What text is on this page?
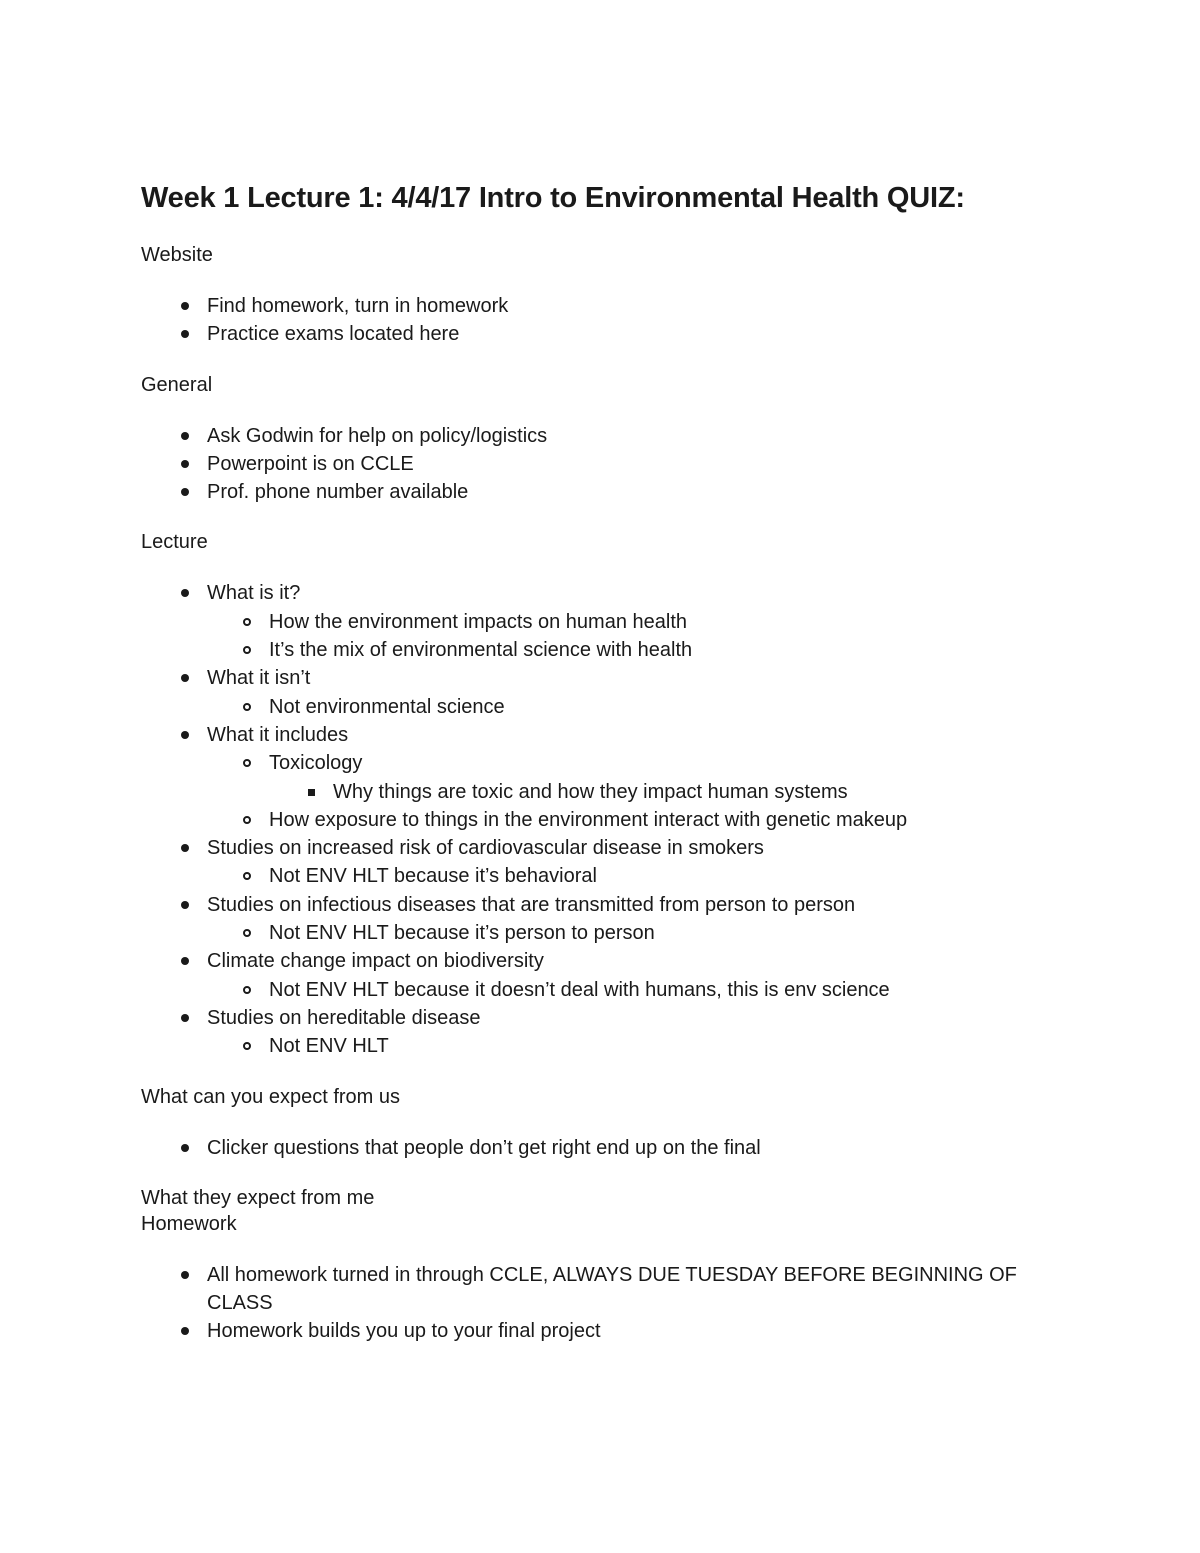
Week 1 Lecture 1: 4/4/17 Intro to Environmental Health QUIZ:
Website
Find homework, turn in homework
Practice exams located here
General
Ask Godwin for help on policy/logistics
Powerpoint is on CCLE
Prof. phone number available
Lecture
What is it?
How the environment impacts on human health
It’s the mix of environmental science with health
What it isn’t
Not environmental science
What it includes
Toxicology
Why things are toxic and how they impact human systems
How exposure to things in the environment interact with genetic makeup
Studies on increased risk of cardiovascular disease in smokers
Not ENV HLT because it’s behavioral
Studies on infectious diseases that are transmitted from person to person
Not ENV HLT because it’s person to person
Climate change impact on biodiversity
Not ENV HLT because it doesn’t deal with humans, this is env science
Studies on hereditable disease
Not ENV HLT
What can you expect from us
Clicker questions that people don’t get right end up on the final
What they expect from me
Homework
All homework turned in through CCLE, ALWAYS DUE TUESDAY BEFORE BEGINNING OF CLASS
Homework builds you up to your final project
